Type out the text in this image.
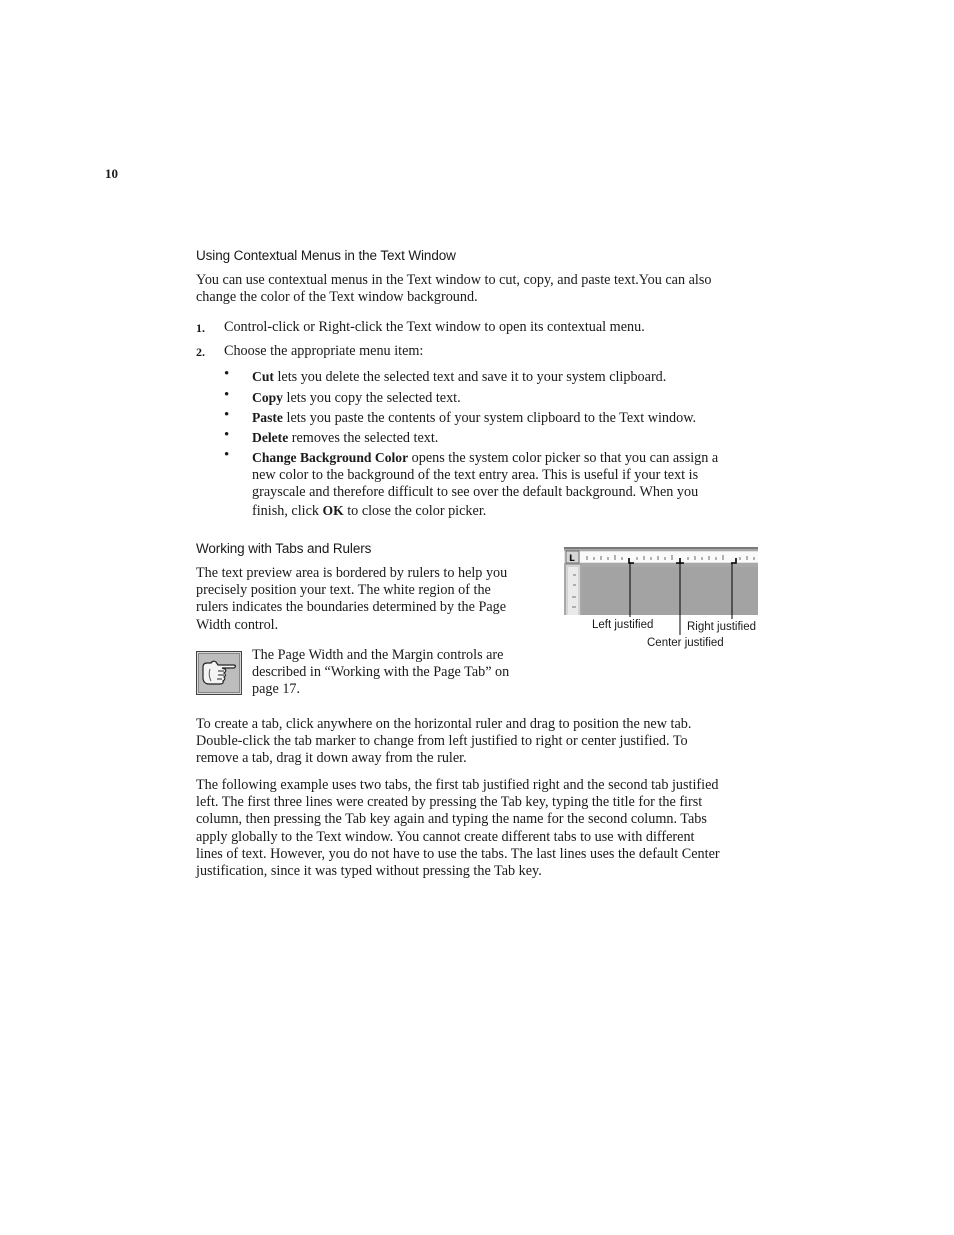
10
Using Contextual Menus in the Text Window

You can use contextual menus in the Text window to cut, copy, and paste text.You can also
change the color of the Text window background.

1. Control-click or Right-click the Text window to open its contextual menu.
2. Choose the appropriate menu item:
• Cut lets you delete the selected text and save it to your system clipboard.
• Copy lets you copy the selected text.
• Paste lets you paste the contents of your system clipboard to the Text window.
• Delete removes the selected text.
• Change Background Color opens the system color picker so that you can assign a
new color to the background of the text entry area. This is useful if your text is
grayscale and therefore difficult to see over the default background. When you
finish, click OK to close the color picker.
Working with Tabs and Rulers

The text preview area is bordered by rulers to help you
precisely position your text. The white region of the
rulers indicates the boundaries determined by the Page
Width control.

The Page Width and the Margin controls are
described in “Working with the Page Tab” on
page 17.

L
Left justified	Right justified
Center justified

To create a tab, click anywhere on the horizontal ruler and drag to position the new tab.
Double-click the tab marker to change from left justified to right or center justified. To
remove a tab, drag it down away from the ruler.

The following example uses two tabs, the first tab justified right and the second tab justified
left. The first three lines were created by pressing the Tab key, typing the title for the first
column, then pressing the Tab key again and typing the name for the second column. Tabs
apply globally to the Text window. You cannot create different tabs to use with different
lines of text. However, you do not have to use the tabs. The last lines uses the default Center
justification, since it was typed without pressing the Tab key.
